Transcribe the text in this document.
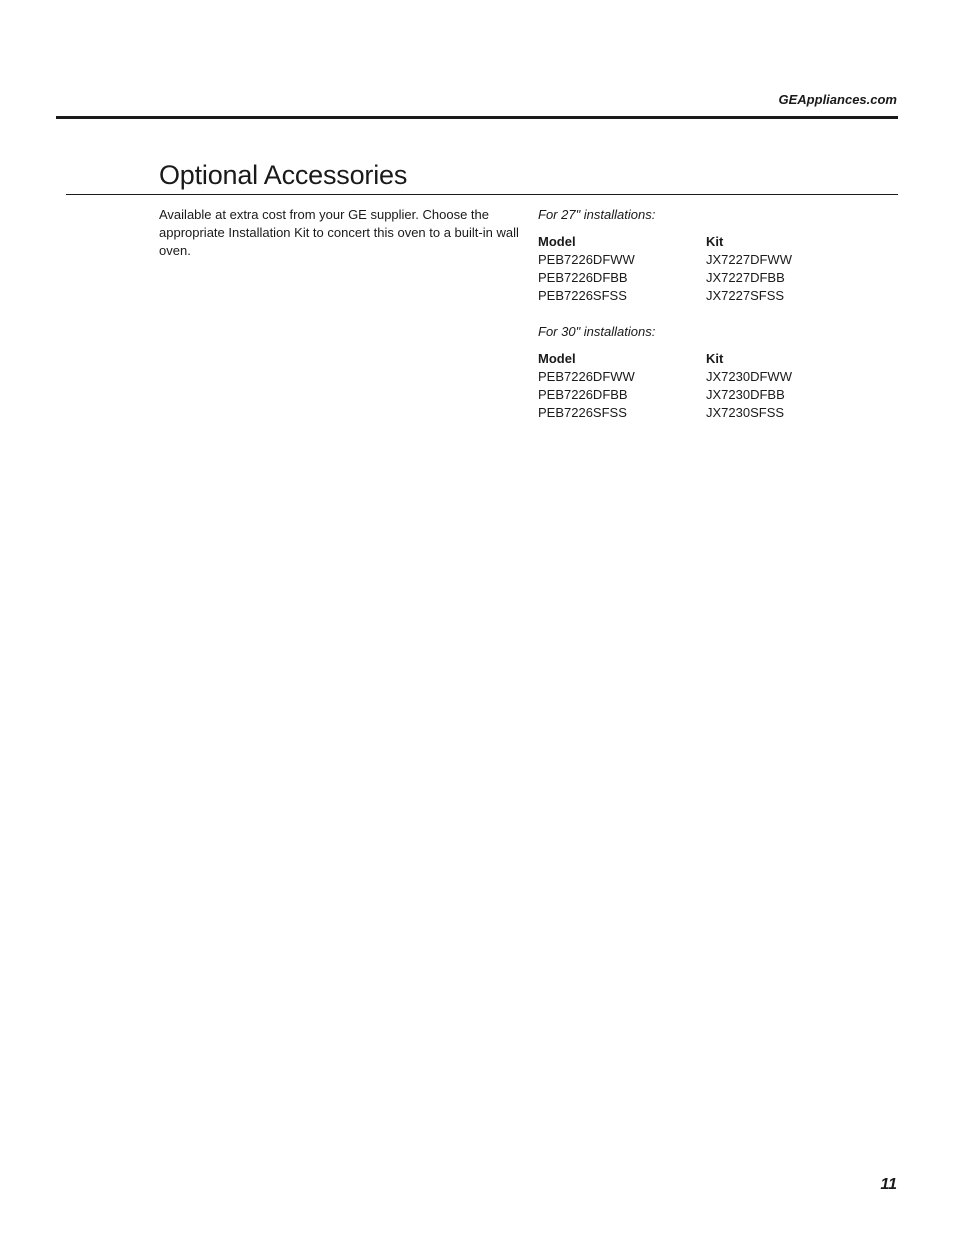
GEAppliances.com
Optional Accessories

Available at extra cost from your GE supplier. Choose the appropriate Installation Kit to concert this oven to a built-in wall oven.

For 27" installations:

Model	Kit
PEB7226DFWW	JX7227DFWW
PEB7226DFBB	JX7227DFBB
PEB7226SFSS	JX7227SFSS

For 30" installations:

Model	Kit
PEB7226DFWW	JX7230DFWW
PEB7226DFBB	JX7230DFBB
PEB7226SFSS	JX7230SFSS
11
